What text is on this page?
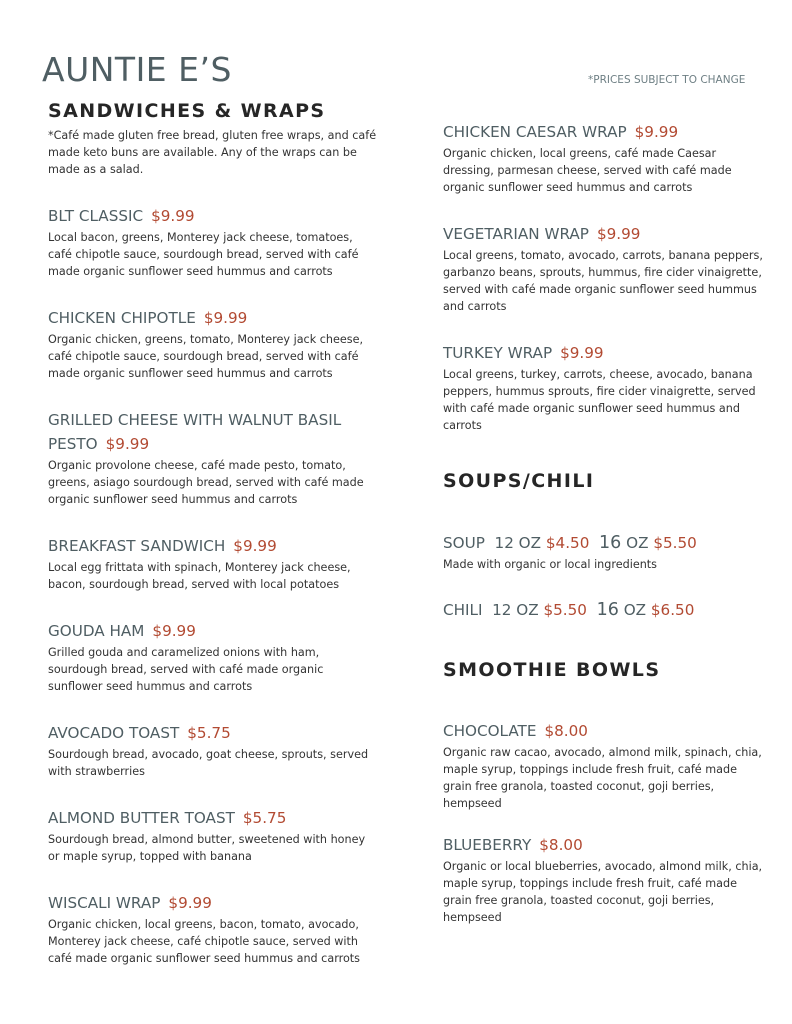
AUNTIE E’S	*PRICES SUBJECT TO CHANGE
SANDWICHES & WRAPS

*Café made gluten free bread, gluten free wraps, and café made keto buns are available. Any of the wraps can be made as a salad.

BLT CLASSIC $9.99
Local bacon, greens, Monterey jack cheese, tomatoes, café chipotle sauce, sourdough bread, served with café made organic sunflower seed hummus and carrots
CHICKEN CHIPOTLE $9.99
Organic chicken, greens, tomato, Monterey jack cheese, café chipotle sauce, sourdough bread, served with café made organic sunflower seed hummus and carrots
GRILLED CHEESE WITH WALNUT BASIL PESTO $9.99
Organic provolone cheese, café made pesto, tomato, greens, asiago sourdough bread, served with café made organic sunflower seed hummus and carrots
BREAKFAST SANDWICH $9.99
Local egg frittata with spinach, Monterey jack cheese, bacon, sourdough bread, served with local potatoes
GOUDA HAM $9.99
Grilled gouda and caramelized onions with ham, sourdough bread, served with café made organic sunflower seed hummus and carrots
AVOCADO TOAST $5.75
Sourdough bread, avocado, goat cheese, sprouts, served with strawberries
ALMOND BUTTER TOAST $5.75
Sourdough bread, almond butter, sweetened with honey or maple syrup, topped with banana
WISCALI WRAP $9.99
Organic chicken, local greens, bacon, tomato, avocado, Monterey jack cheese, café chipotle sauce, served with café made organic sunflower seed hummus and carrots
CHICKEN CAESAR WRAP $9.99
Organic chicken, local greens, café made Caesar dressing, parmesan cheese, served with café made organic sunflower seed hummus and carrots
VEGETARIAN WRAP $9.99
Local greens, tomato, avocado, carrots, banana peppers, garbanzo beans, sprouts, hummus, fire cider vinaigrette, served with café made organic sunflower seed hummus and carrots
TURKEY WRAP $9.99
Local greens, turkey, carrots, cheese, avocado, banana peppers, hummus sprouts, fire cider vinaigrette, served with café made organic sunflower seed hummus and carrots
SOUPS/CHILI
SOUP 12 OZ $4.50 16 OZ $5.50
Made with organic or local ingredients
CHILI 12 OZ $5.50 16 OZ $6.50
SMOOTHIE BOWLS
CHOCOLATE $8.00
Organic raw cacao, avocado, almond milk, spinach, chia, maple syrup, toppings include fresh fruit, café made grain free granola, toasted coconut, goji berries, hempseed
BLUEBERRY $8.00
Organic or local blueberries, avocado, almond milk, chia, maple syrup, toppings include fresh fruit, café made grain free granola, toasted coconut, goji berries, hempseed
